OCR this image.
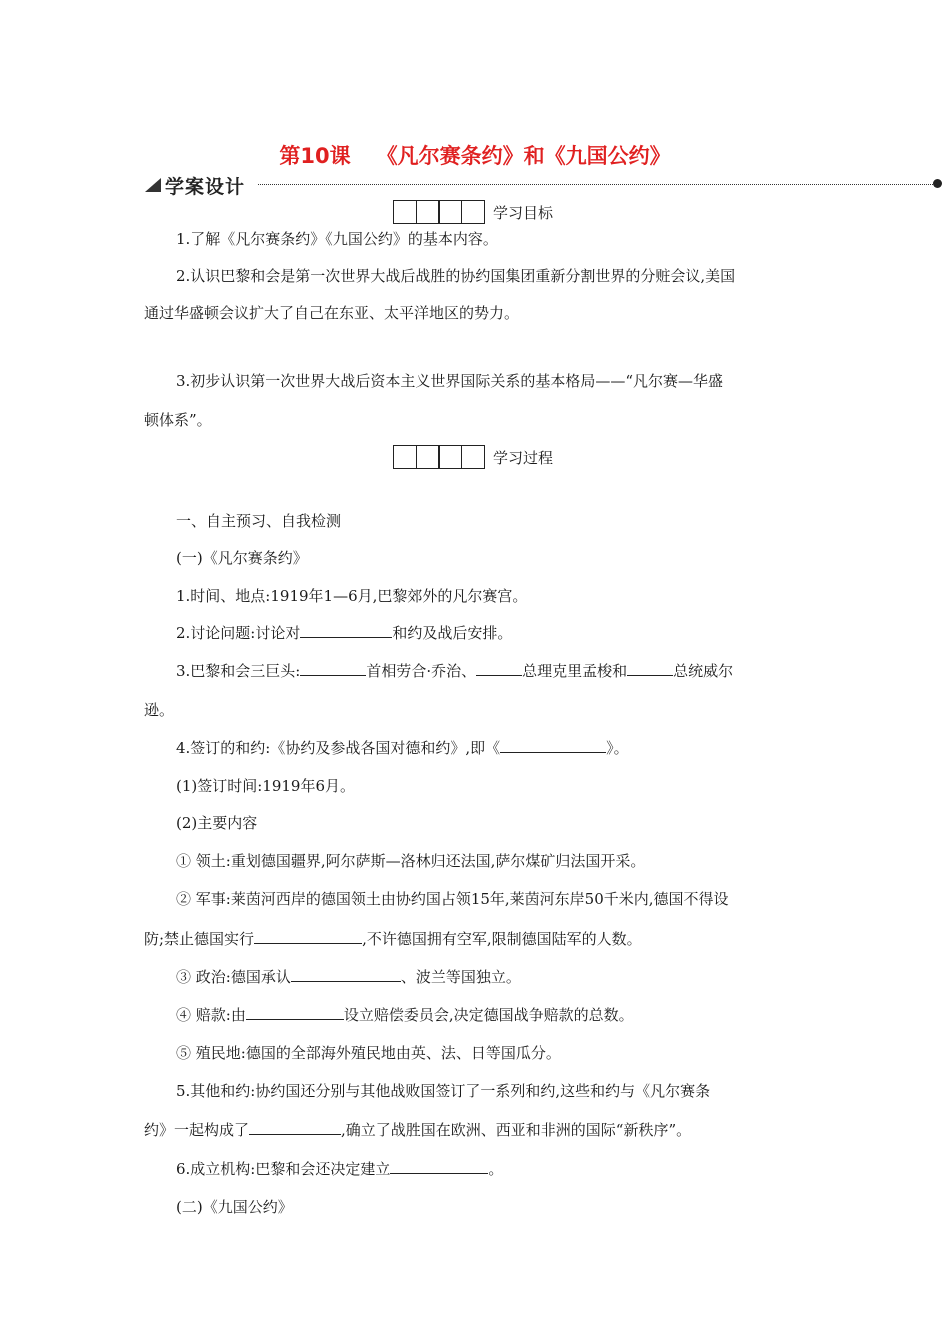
第10课 《凡尔赛条约》和《九国公约》
学案设计
学习目标
1.了解《凡尔赛条约》《九国公约》的基本内容。
2.认识巴黎和会是第一次世界大战后战胜的协约国集团重新分割世界的分赃会议,美国
通过华盛顿会议扩大了自己在东亚、太平洋地区的势力。
3.初步认识第一次世界大战后资本主义世界国际关系的基本格局——“凡尔赛—华盛
顿体系”。
学习过程
一、自主预习、自我检测
(一)《凡尔赛条约》
1.时间、地点:1919年1—6月,巴黎郊外的凡尔赛宫。
2.讨论问题:讨论对	和约及战后安排。
3.巴黎和会三巨头:	首相劳合·乔治、	总理克里孟梭和	总统威尔
逊。
4.签订的和约:《协约及参战各国对德和约》,即《	》。
(1)签订时间:1919年6月。
(2)主要内容
① 领土:重划德国疆界,阿尔萨斯—洛林归还法国,萨尔煤矿归法国开采。
② 军事:莱茵河西岸的德国领土由协约国占领15年,莱茵河东岸50千米内,德国不得设
防;禁止德国实行	,不许德国拥有空军,限制德国陆军的人数。
③ 政治:德国承认	、波兰等国独立。
④ 赔款:由	设立赔偿委员会,决定德国战争赔款的总数。
⑤ 殖民地:德国的全部海外殖民地由英、法、日等国瓜分。
5.其他和约:协约国还分别与其他战败国签订了一系列和约,这些和约与《凡尔赛条
约》一起构成了	,确立了战胜国在欧洲、西亚和非洲的国际“新秩序”。
6.成立机构:巴黎和会还决定建立	。
(二)《九国公约》
